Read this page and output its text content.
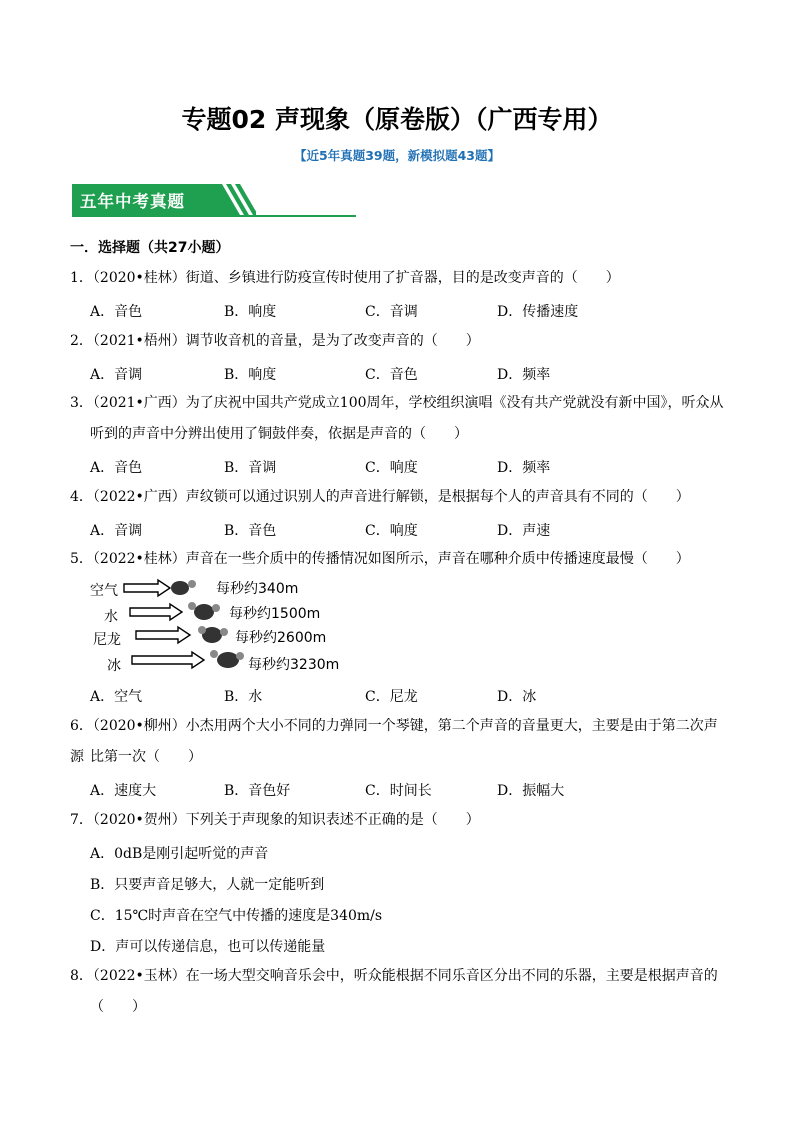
专题02 声现象（原卷版）（广西专用）
【近5年真题39题，新模拟题43题】
五年中考真题
一．选择题（共27小题）
1．（2020•桂林）街道、乡镇进行防疫宣传时使用了扩音器，目的是改变声音的（　　）
A．音色	B．响度	C．音调	D．传播速度
2．（2021•梧州）调节收音机的音量，是为了改变声音的（　　）
A．音调	B．响度	C．音色	D．频率
3．（2021•广西）为了庆祝中国共产党成立100周年，学校组织演唱《没有共产党就没有新中国》，听众从
听到的声音中分辨出使用了铜鼓伴奏，依据是声音的（　　）
A．音色	B．音调	C．响度	D．频率
4．（2022•广西）声纹锁可以通过识别人的声音进行解锁，是根据每个人的声音具有不同的（　　）
A．音调	B．音色	C．响度	D．声速
5．（2022•桂林）声音在一些介质中的传播情况如图所示，声音在哪种介质中传播速度最慢（　　）
空气
水
尼龙
冰
每秒约340m
每秒约1500m
每秒约2600m
每秒约3230m
A．空气	B．水	C．尼龙	D．冰
6．（2020•柳州）小杰用两个大小不同的力弹同一个琴键，第二个声音的音量更大，主要是由于第二次声源 比第一次（　　）
A．速度大	B．音色好	C．时间长	D．振幅大
7．（2020•贺州）下列关于声现象的知识表述不正确的是（　　）
A．0dB是刚引起听觉的声音
B．只要声音足够大，人就一定能听到
C．15℃时声音在空气中传播的速度是340m/s
D．声可以传递信息，也可以传递能量
8．（2022•玉林）在一场大型交响音乐会中，听众能根据不同乐音区分出不同的乐器，主要是根据声音的
（　　）
